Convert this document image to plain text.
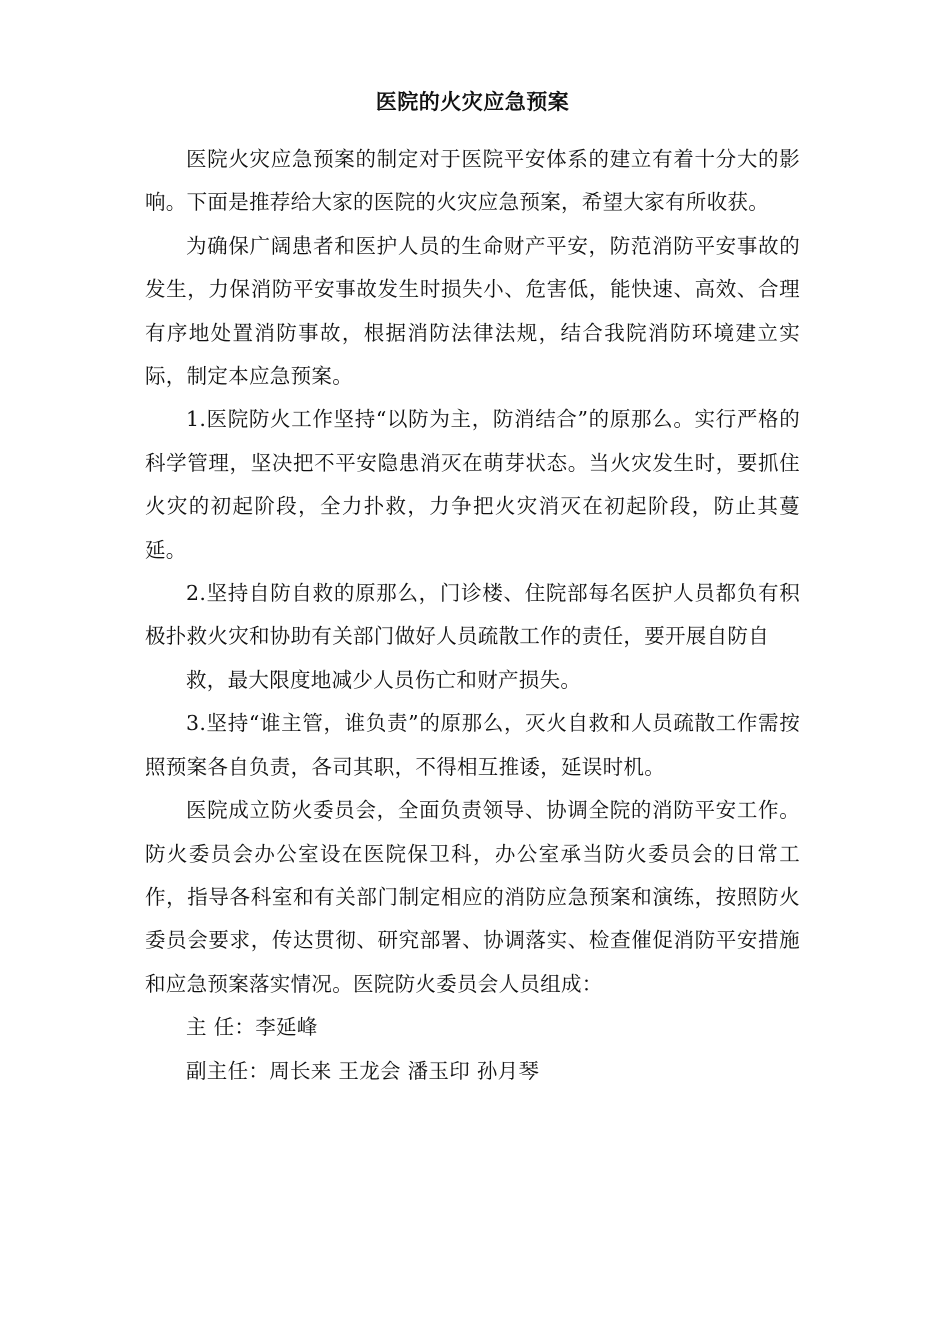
医院的火灾应急预案

医院火灾应急预案的制定对于医院平安体系的建立有着十分大的影响。下面是推荐给大家的医院的火灾应急预案，希望大家有所收获。

为确保广阔患者和医护人员的生命财产平安，防范消防平安事故的发生，力保消防平安事故发生时损失小、危害低，能快速、高效、合理有序地处置消防事故，根据消防法律法规，结合我院消防环境建立实际，制定本应急预案。

1.医院防火工作坚持“以防为主，防消结合”的原那么。实行严格的科学管理，坚决把不平安隐患消灭在萌芽状态。当火灾发生时，要抓住火灾的初起阶段，全力扑救，力争把火灾消灭在初起阶段，防止其蔓延。

2.坚持自防自救的原那么，门诊楼、住院部每名医护人员都负有积极扑救火灾和协助有关部门做好人员疏散工作的责任，要开展自防自

救，最大限度地减少人员伤亡和财产损失。

3.坚持“谁主管，谁负责”的原那么，灭火自救和人员疏散工作需按照预案各自负责，各司其职，不得相互推诿，延误时机。

医院成立防火委员会，全面负责领导、协调全院的消防平安工作。防火委员会办公室设在医院保卫科，办公室承当防火委员会的日常工作，指导各科室和有关部门制定相应的消防应急预案和演练，按照防火委员会要求，传达贯彻、研究部署、协调落实、检查催促消防平安措施和应急预案落实情况。医院防火委员会人员组成：

主 任：李延峰

副主任：周长来 王龙会 潘玉印 孙月琴
